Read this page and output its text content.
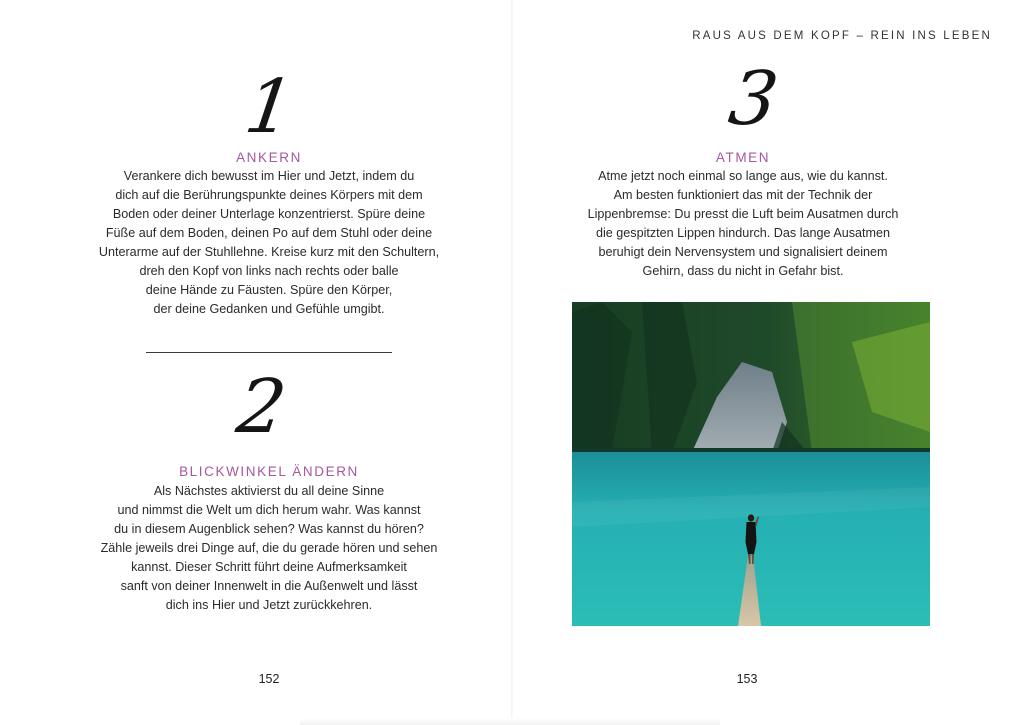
1
ANKERN
Verankere dich bewusst im Hier und Jetzt, indem du
dich auf die Berührungspunkte deines Körpers mit dem
Boden oder deiner Unterlage konzentrierst. Spüre deine
Füße auf dem Boden, deinen Po auf dem Stuhl oder deine
Unterarme auf der Stuhllehne. Kreise kurz mit den Schultern,
dreh den Kopf von links nach rechts oder balle
deine Hände zu Fäusten. Spüre den Körper,
der deine Gedanken und Gefühle umgibt.
2
BLICKWINKEL ÄNDERN
Als Nächstes aktivierst du all deine Sinne
und nimmst die Welt um dich herum wahr. Was kannst
du in diesem Augenblick sehen? Was kannst du hören?
Zähle jeweils drei Dinge auf, die du gerade hören und sehen
kannst. Dieser Schritt führt deine Aufmerksamkeit
sanft von deiner Innenwelt in die Außenwelt und lässt
dich ins Hier und Jetzt zurückkehren.
152
RAUS AUS DEM KOPF – REIN INS LEBEN
3
ATMEN
Atme jetzt noch einmal so lange aus, wie du kannst.
Am besten funktioniert das mit der Technik der
Lippenbremse: Du presst die Luft beim Ausatmen durch
die gespitzten Lippen hindurch. Das lange Ausatmen
beruhigt dein Nervensystem und signalisiert deinem
Gehirn, dass du nicht in Gefahr bist.
153
